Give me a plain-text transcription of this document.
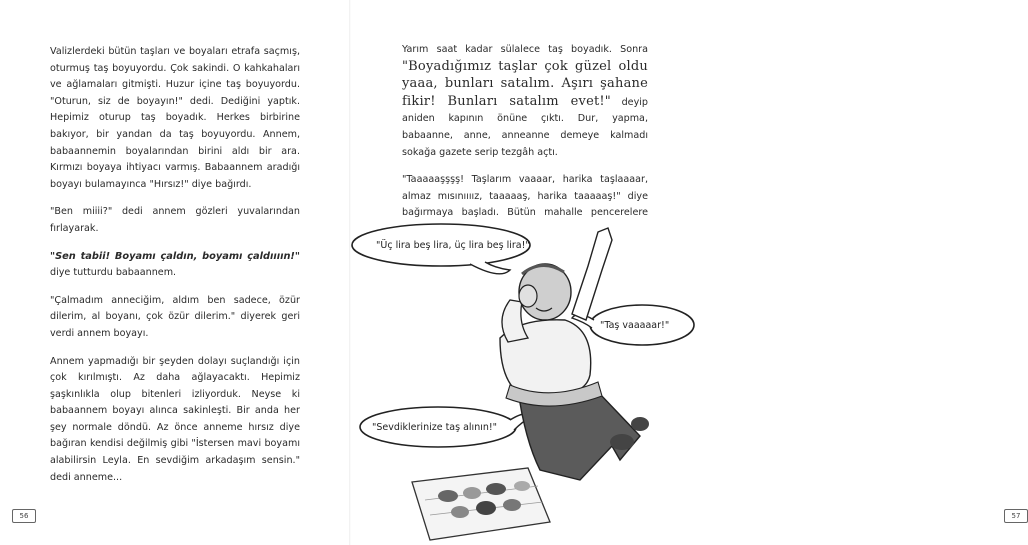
Valizlerdeki bütün taşları ve boyaları etrafa saçmış, oturmuş taş boyuyordu. Çok sakindi. O kahkahaları ve ağlamaları gitmişti. Huzur içine taş boyuyordu. "Oturun, siz de boyayın!" dedi. Dediğini yaptık. Hepimiz oturup taş boyadık. Herkes birbirine bakıyor, bir yandan da taş boyuyordu. Annem, babaannemin boyalarından birini aldı bir ara. Kırmızı boyaya ihtiyacı varmış. Babaannem aradığı boyayı bulamayınca "Hırsız!" diye bağırdı.

"Ben miiii?" dedi annem gözleri yuvalarından fırlayarak.

"Sen tabii! Boyamı çaldın, boyamı çaldıııın!" diye tutturdu babaannem.

"Çalmadım anneciğim, aldım ben sadece, özür dilerim, al boyanı, çok özür dilerim." diyerek geri verdi annem boyayı.

Annem yapmadığı bir şeyden dolayı suçlandığı için çok kırılmıştı. Az daha ağlayacaktı. Hepimiz şaşkınlıkla olup bitenleri izliyorduk. Neyse ki babaannem boyayı alınca sakinleşti. Bir anda her şey normale döndü. Az önce anneme hırsız diye bağıran kendisi değilmiş gibi "İstersen mavi boyamı alabilirsin Leyla. En sevdiğim arkadaşım sensin." dedi anneme...

56

Yarım saat kadar sülalece taş boyadık. Sonra "Boyadığımız taşlar çok güzel oldu yaaa, bunları satalım. Aşırı şahane fikir! Bunları satalım evet!" deyip aniden kapının önüne çıktı. Dur, yapma, babaanne, anne, anneanne demeye kalmadı sokağa gazete serip tezgâh açtı.

"Taaaaaşşşş! Taşlarım vaaaar, harika taşlaaaar, almaz mısınıııız, taaaaaş, harika taaaaaş!" diye bağırmaya başladı. Bütün mahalle pencerelere

57
"Üç lira beş lira, üç lira beş lira!"
"Taş vaaaaar!"
"Sevdiklerinize taş alının!"
